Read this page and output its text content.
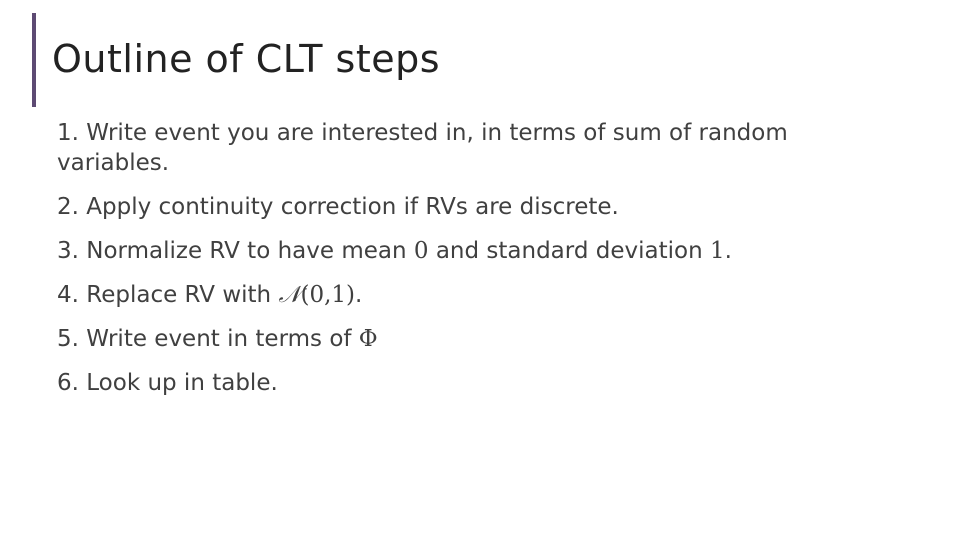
Outline of CLT steps
1. Write event you are interested in, in terms of sum of random variables.
2. Apply continuity correction if RVs are discrete.
3. Normalize RV to have mean 0 and standard deviation 1.
4. Replace RV with 𝒩(0,1).
5. Write event in terms of Φ
6. Look up in table.
